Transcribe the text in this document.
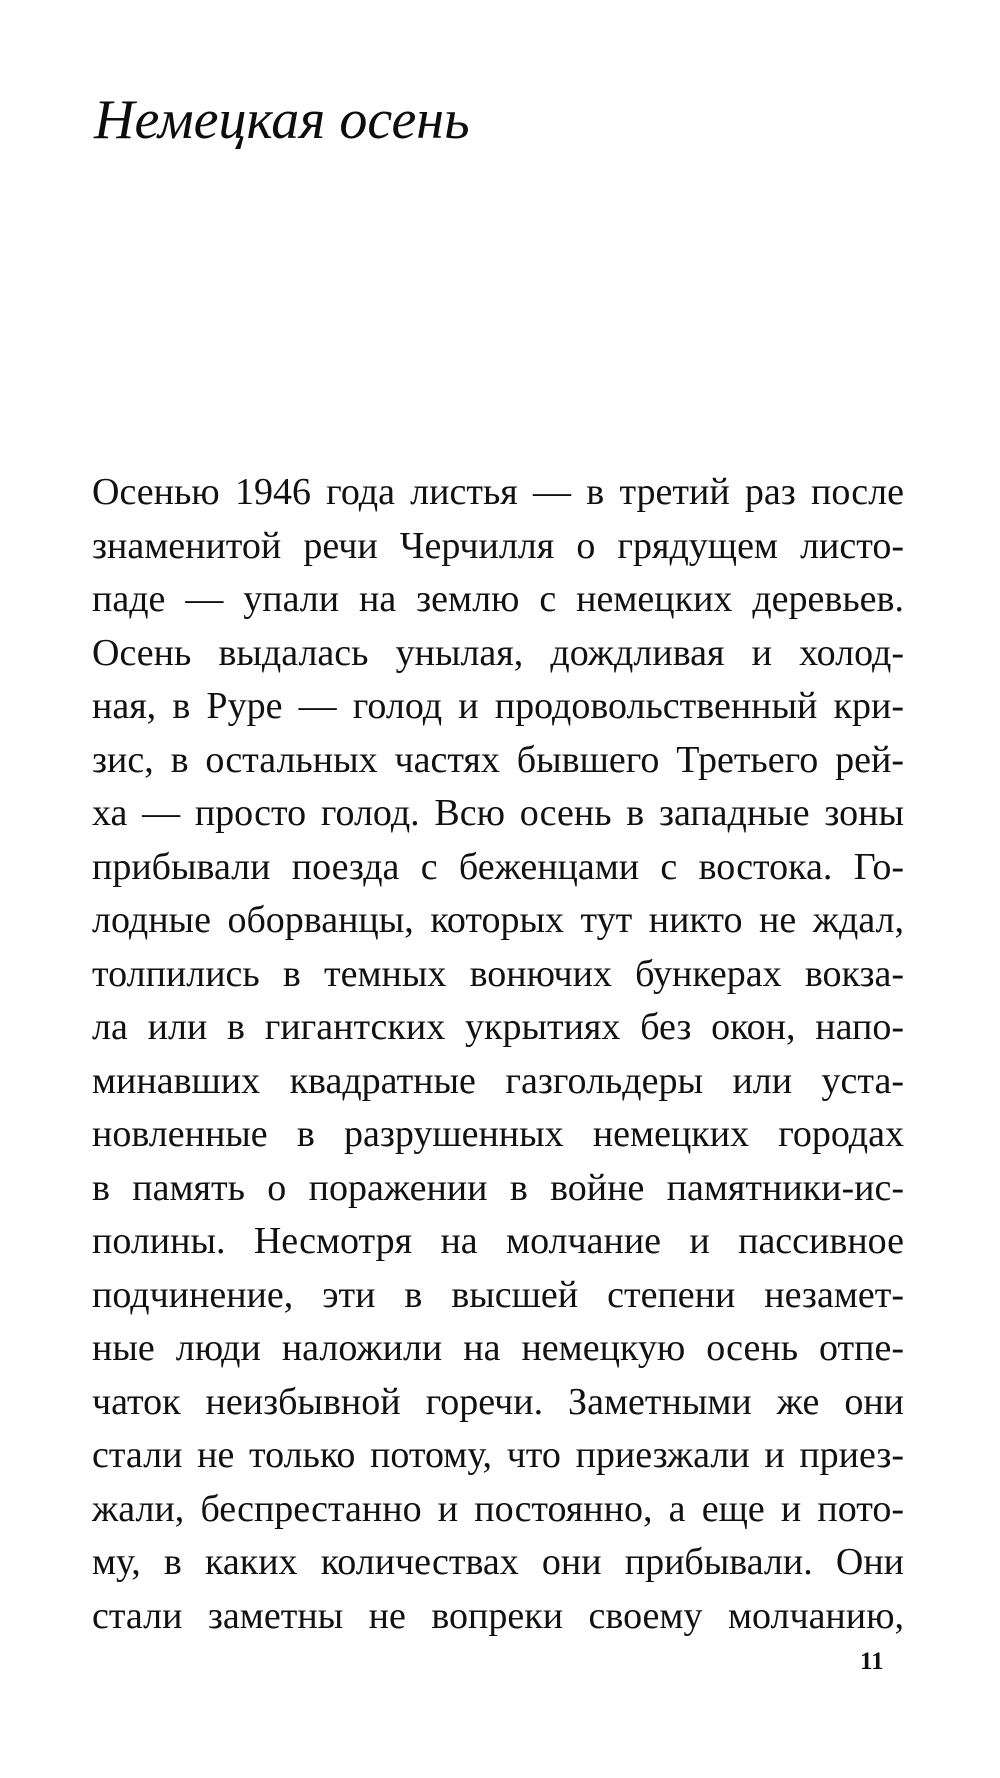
Немецкая осень
Осенью 1946 года листья — в третий раз после
знаменитой речи Черчилля о грядущем листо-
паде — упали на землю с немецких деревьев.
Осень выдалась унылая, дождливая и холод-
ная, в Руре — голод и продовольственный кри-
зис, в остальных частях бывшего Третьего рей-
ха — просто голод. Всю осень в западные зоны
прибывали поезда с беженцами с востока. Го-
лодные оборванцы, которых тут никто не ждал,
толпились в темных вонючих бункерах вокза-
ла или в гигантских укрытиях без окон, напо-
минавших квадратные газгольдеры или уста-
новленные в разрушенных немецких городах
в память о поражении в войне памятники-ис-
полины. Несмотря на молчание и пассивное
подчинение, эти в высшей степени незамет-
ные люди наложили на немецкую осень отпе-
чаток неизбывной горечи. Заметными же они
стали не только потому, что приезжали и приез-
жали, беспрестанно и постоянно, а еще и пото-
му, в каких количествах они прибывали. Они
стали заметны не вопреки своему молчанию,
11
